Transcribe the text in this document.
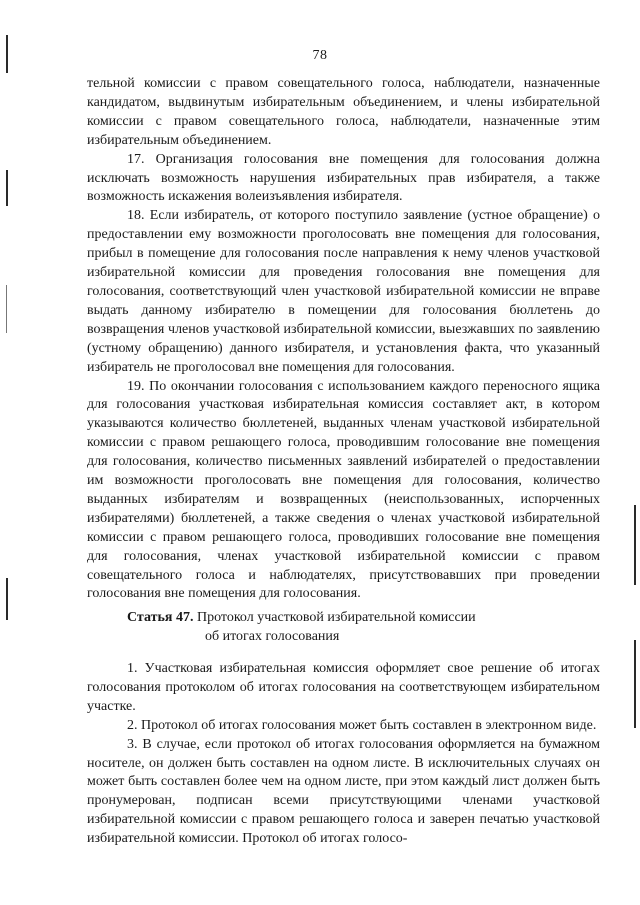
78

тельной комиссии с правом совещательного голоса, наблюдатели, назначенные кандидатом, выдвинутым избирательным объединением, и члены избирательной комиссии с правом совещательного голоса, наблюдатели, назначенные этим избирательным объединением.

17. Организация голосования вне помещения для голосования должна исключать возможность нарушения избирательных прав избирателя, а также возможность искажения волеизъявления избирателя.

18. Если избиратель, от которого поступило заявление (устное обращение) о предоставлении ему возможности проголосовать вне помещения для голосования, прибыл в помещение для голосования после направления к нему членов участковой избирательной комиссии для проведения голосования вне помещения для голосования, соответствующий член участковой избирательной комиссии не вправе выдать данному избирателю в помещении для голосования бюллетень до возвращения членов участковой избирательной комиссии, выезжавших по заявлению (устному обращению) данного избирателя, и установления факта, что указанный избиратель не проголосовал вне помещения для голосования.

19. По окончании голосования с использованием каждого переносного ящика для голосования участковая избирательная комиссия составляет акт, в котором указываются количество бюллетеней, выданных членам участковой избирательной комиссии с правом решающего голоса, проводившим голосование вне помещения для голосования, количество письменных заявлений избирателей о предоставлении им возможности проголосовать вне помещения для голосования, количество выданных избирателям и возвращенных (неиспользованных, испорченных избирателями) бюллетеней, а также сведения о членах участковой избирательной комиссии с правом решающего голоса, проводивших голосование вне помещения для голосования, членах участковой избирательной комиссии с правом совещательного голоса и наблюдателях, присутствовавших при проведении голосования вне помещения для голосования.

Статья 47. Протокол участковой избирательной комиссии
об итогах голосования

1. Участковая избирательная комиссия оформляет свое решение об итогах голосования протоколом об итогах голосования на соответствующем избирательном участке.

2. Протокол об итогах голосования может быть составлен в электронном виде.

3. В случае, если протокол об итогах голосования оформляется на бумажном носителе, он должен быть составлен на одном листе. В исключительных случаях он может быть составлен более чем на одном листе, при этом каждый лист должен быть пронумерован, подписан всеми присутствующими членами участковой избирательной комиссии с правом решающего голоса и заверен печатью участковой избирательной комиссии. Протокол об итогах голосо-
